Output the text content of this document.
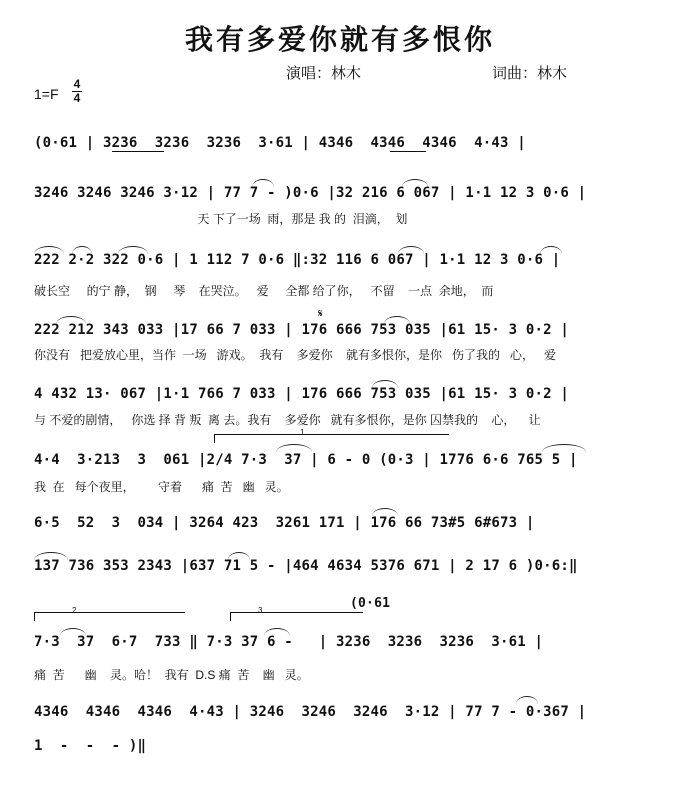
我有多爱你就有多恨你
演唱：林木	词曲：林木
$1=F \frac{4}{4}$
(0·61 | 3236  3236  3236  3·61 | 4346  4346  4346  4·43 |
3246 3246 3246 3·12 | 77 7 - )0·6 |32 216 6 067 | 1·1 12 3 0·6 |
天 下了一场  雨，那是 我 的  泪滴，  划
222 2·2 322 0·6 | 1 112 7 0·6 ‖:32 116 6 067 | 1·1 12 3 0·6 |
破长空     的宁 静，  钢     琴    在哭泣。   爱     全都 给了你，   不留    一点  余地，  而
222 212 343 033 |17 66 7 033 | 176 666 753 035 |61 15· 3 0·2 |
𝄋
你没有   把爱放心里，当作  一场   游戏。  我有    多爱你    就有多恨你，是你   伤了我的   心，   爱
4 432 13· 067 |1·1 766 7 033 | 176 666 753 035 |61 15· 3 0·2 |
与 不爱的剧情，   你选 择 背 叛  离 去。我有    多爱你   就有多恨你，是你 囚禁我的    心，    让
1
4·4  3·213  3  061 |2/4 7·3  37 | 6 - 0 (0·3 | 1776 6·6 765 5 |
我  在   每个夜里，       守着      痛  苦   幽   灵。
6·5  52  3  034 | 3264 423  3261 171 | 176 66 73#5 6#673 |
137 736 353 2343 |637 71 5 - |464 4634 5376 671 | 2 17 6 )0·6:‖
2	3	(0·61
7·3  37  6·7  733 ‖ 7·3 37 6 -   | 3236  3236  3236  3·61 |
痛  苦      幽    灵。哈！  我有  D.S 痛  苦    幽   灵。
4346  4346  4346  4·43 | 3246  3246  3246  3·12 | 77 7 - 0·367 |
1  -  -  - )‖
